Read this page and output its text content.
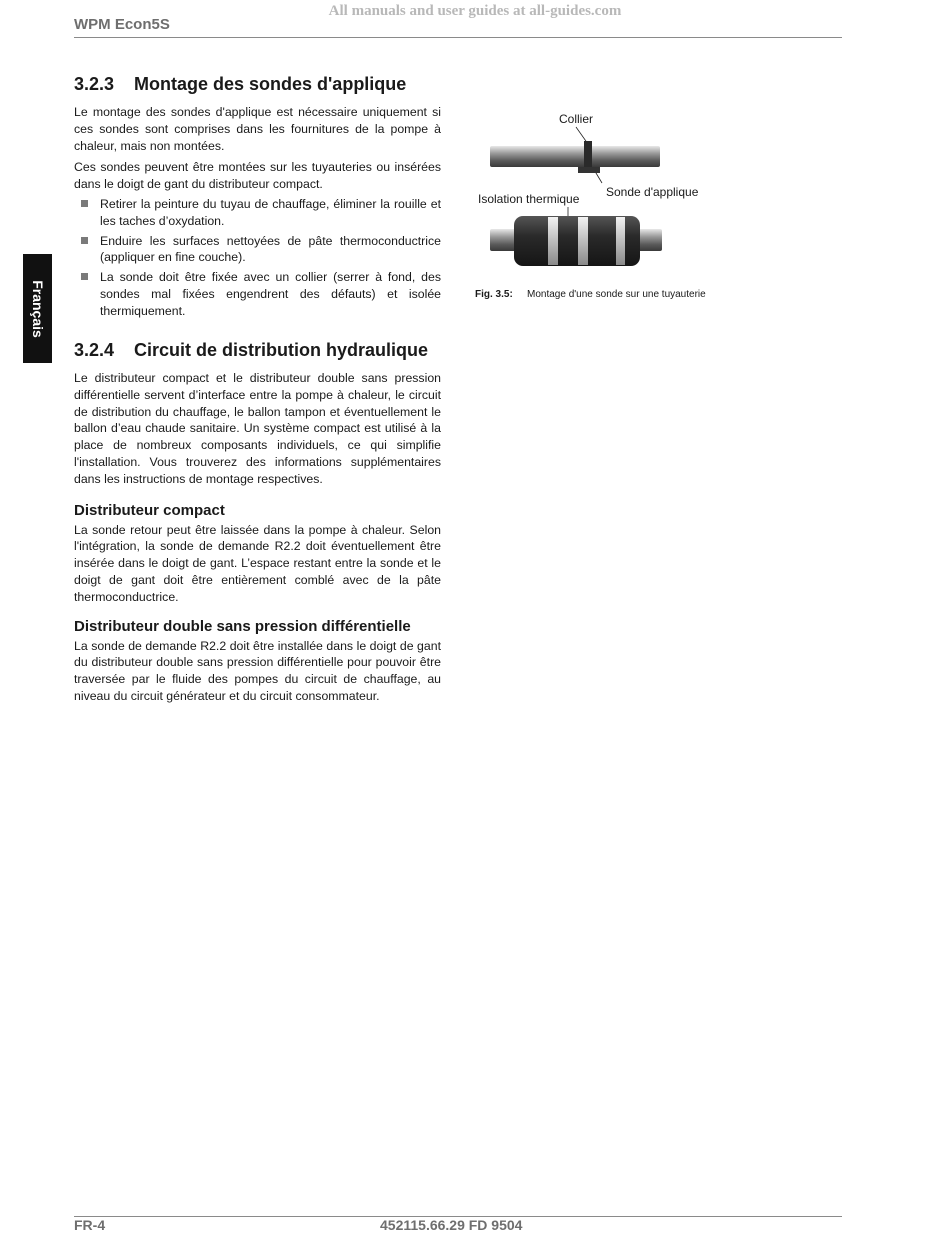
All manuals and user guides at all-guides.com
WPM Econ5S
Français
3.2.3 Montage des sondes d'applique

Le montage des sondes d'applique est nécessaire uniquement si ces sondes sont comprises dans les fournitures de la pompe à chaleur, mais non montées.

Ces sondes peuvent être montées sur les tuyauteries ou insérées dans le doigt de gant du distributeur compact.

Retirer la peinture du tuyau de chauffage, éliminer la rouille et les taches d’oxydation.
Enduire les surfaces nettoyées de pâte thermoconductrice (appliquer en fine couche).
La sonde doit être fixée avec un collier (serrer à fond, des sondes mal fixées engendrent des défauts) et isolée thermiquement.
3.2.4 Circuit de distribution hydraulique

Le distributeur compact et le distributeur double sans pression différentielle servent d’interface entre la pompe à chaleur, le circuit de distribution du chauffage, le ballon tampon et éventuellement le ballon d’eau chaude sanitaire. Un système compact est utilisé à la place de nombreux composants individuels, ce qui simplifie l'installation. Vous trouverez des informations supplémentaires dans les instructions de montage respectives.

Distributeur compact

La sonde retour peut être laissée dans la pompe à chaleur. Selon l'intégration, la sonde de demande R2.2 doit éventuellement être insérée dans le doigt de gant. L’espace restant entre la sonde et le doigt de gant doit être entièrement comblé avec de la pâte thermoconductrice.

Distributeur double sans pression différentielle

La sonde de demande R2.2 doit être installée dans le doigt de gant du distributeur double sans pression différentielle pour pouvoir être traversée par le fluide des pompes du circuit de chauffage, au niveau du circuit générateur et du circuit consommateur.

Collier
Sonde d'applique
Isolation thermique
Fig. 3.5: Montage d'une sonde sur une tuyauterie
FR-4	452115.66.29 FD 9504
